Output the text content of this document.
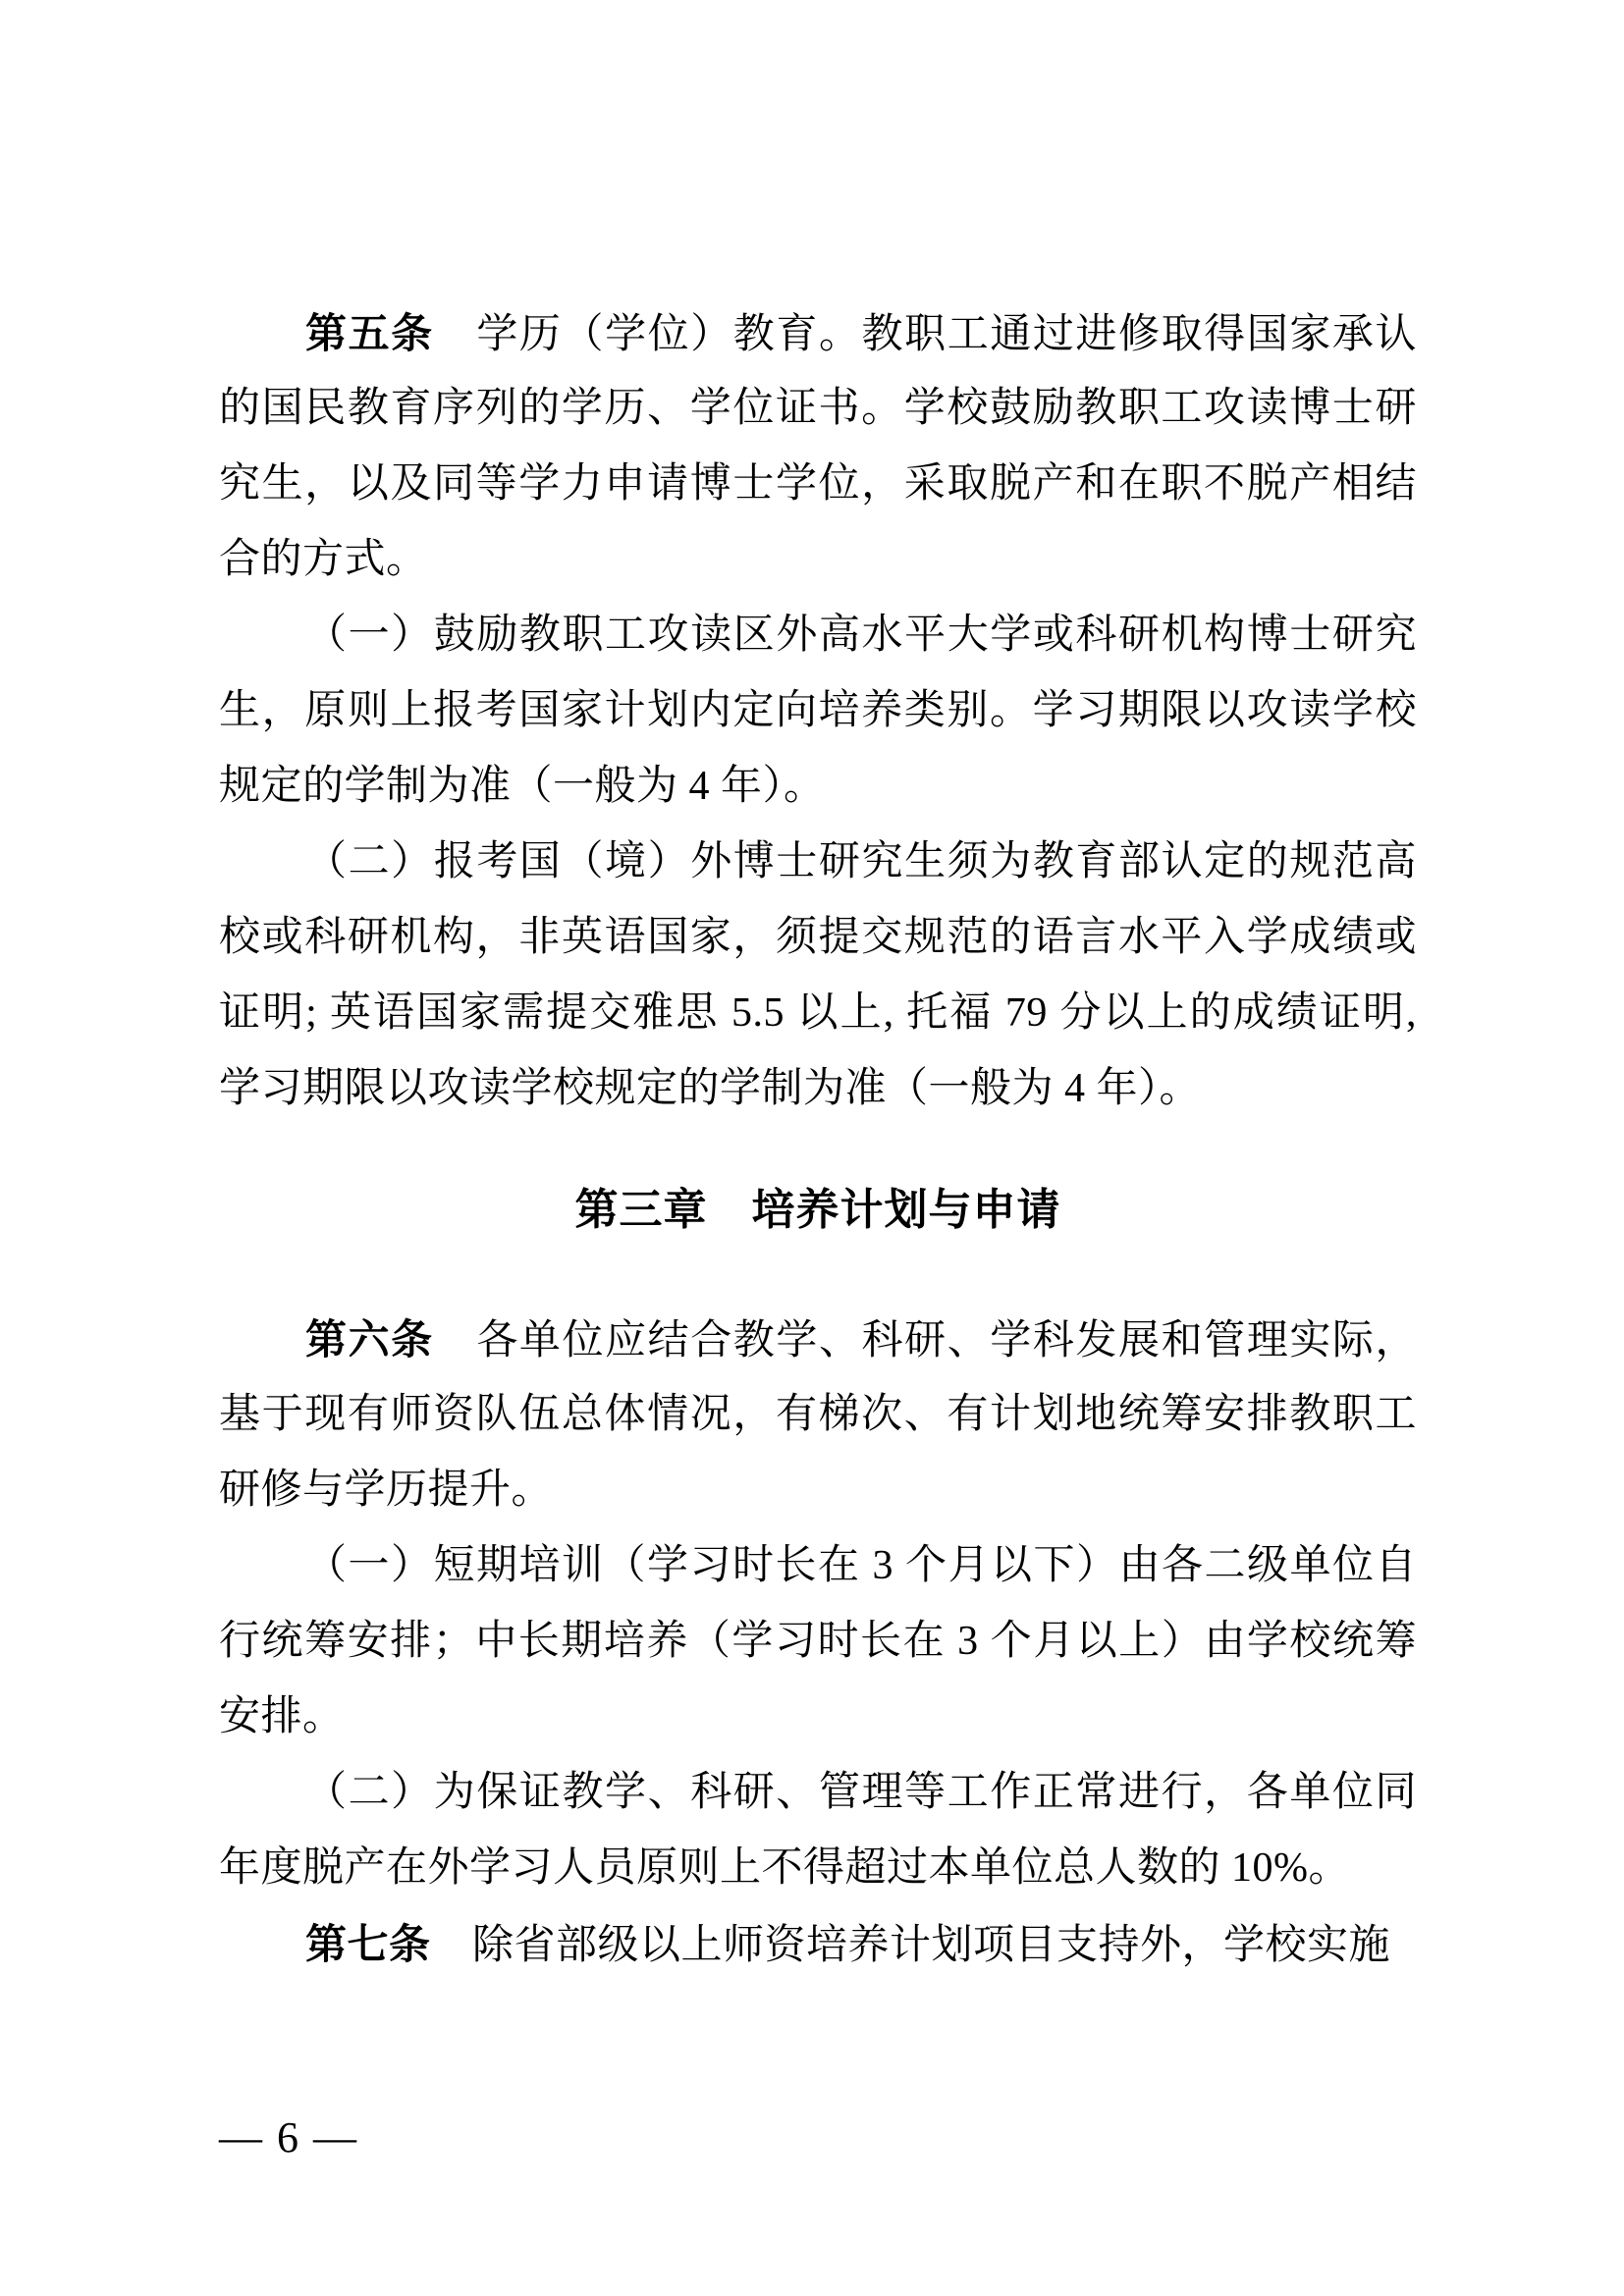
第五条　学历（学位）教育。教职工通过进修取得国家承认
的国民教育序列的学历、学位证书。学校鼓励教职工攻读博士研
究生，以及同等学力申请博士学位，采取脱产和在职不脱产相结
合的方式。
（一）鼓励教职工攻读区外高水平大学或科研机构博士研究
生，原则上报考国家计划内定向培养类别。学习期限以攻读学校
规定的学制为准（一般为 4 年）。
（二）报考国（境）外博士研究生须为教育部认定的规范高
校或科研机构，非英语国家，须提交规范的语言水平入学成绩或
证明; 英语国家需提交雅思 5.5 以上, 托福 79 分以上的成绩证明,
学习期限以攻读学校规定的学制为准（一般为 4 年）。
第三章　培养计划与申请
第六条　各单位应结合教学、科研、学科发展和管理实际，
基于现有师资队伍总体情况，有梯次、有计划地统筹安排教职工
研修与学历提升。
（一）短期培训（学习时长在 3 个月以下）由各二级单位自
行统筹安排；中长期培养（学习时长在 3 个月以上）由学校统筹
安排。
（二）为保证教学、科研、管理等工作正常进行，各单位同
年度脱产在外学习人员原则上不得超过本单位总人数的 10%。
第七条　除省部级以上师资培养计划项目支持外，学校实施
— 6 —
